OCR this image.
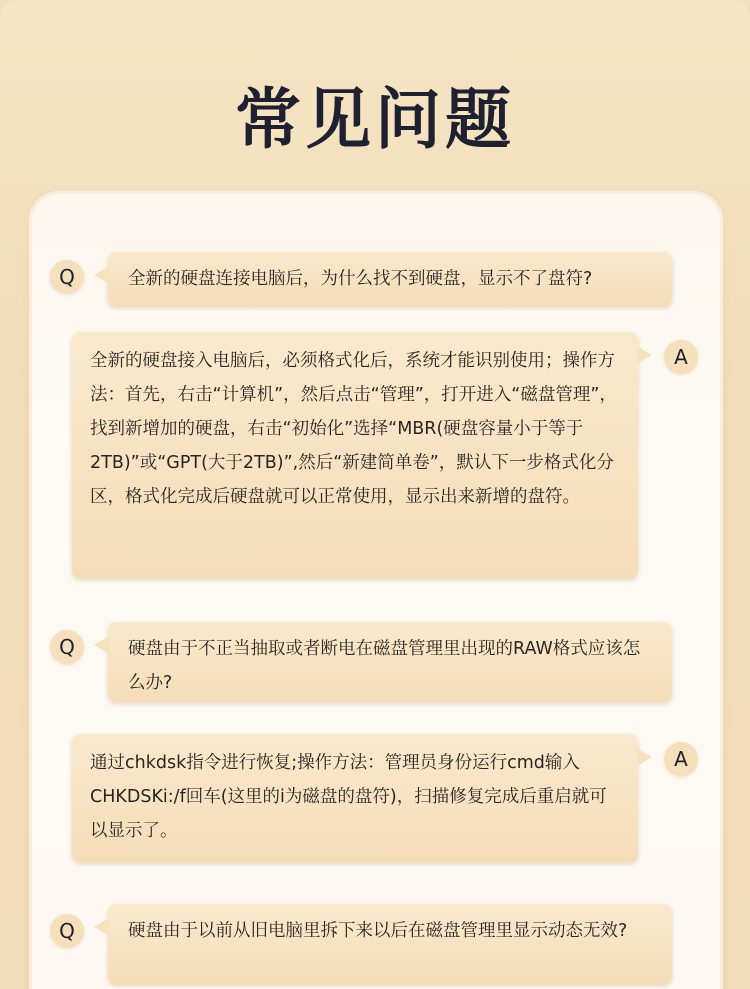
常见问题
Q	全新的硬盘连接电脑后，为什么找不到硬盘，显示不了盘符?
全新的硬盘接入电脑后，必须格式化后，系统才能识别使用；操作方法：首先，右击“计算机”，然后点击“管理”，打开进入“磁盘管理”，找到新增加的硬盘，右击“初始化”选择“MBR(硬盘容量小于等于2TB)”或“GPT(大于2TB)”,然后“新建简单卷”，默认下一步格式化分区，格式化完成后硬盘就可以正常使用，显示出来新增的盘符。
A
Q	硬盘由于不正当抽取或者断电在磁盘管理里出现的RAW格式应该怎么办?
通过chkdsk指令进行恢复;操作方法：管理员身份运行cmd输入CHKDSKi:/f回车(这里的i为磁盘的盘符)，扫描修复完成后重启就可以显示了。
A
Q	硬盘由于以前从旧电脑里拆下来以后在磁盘管理里显示动态无效?
